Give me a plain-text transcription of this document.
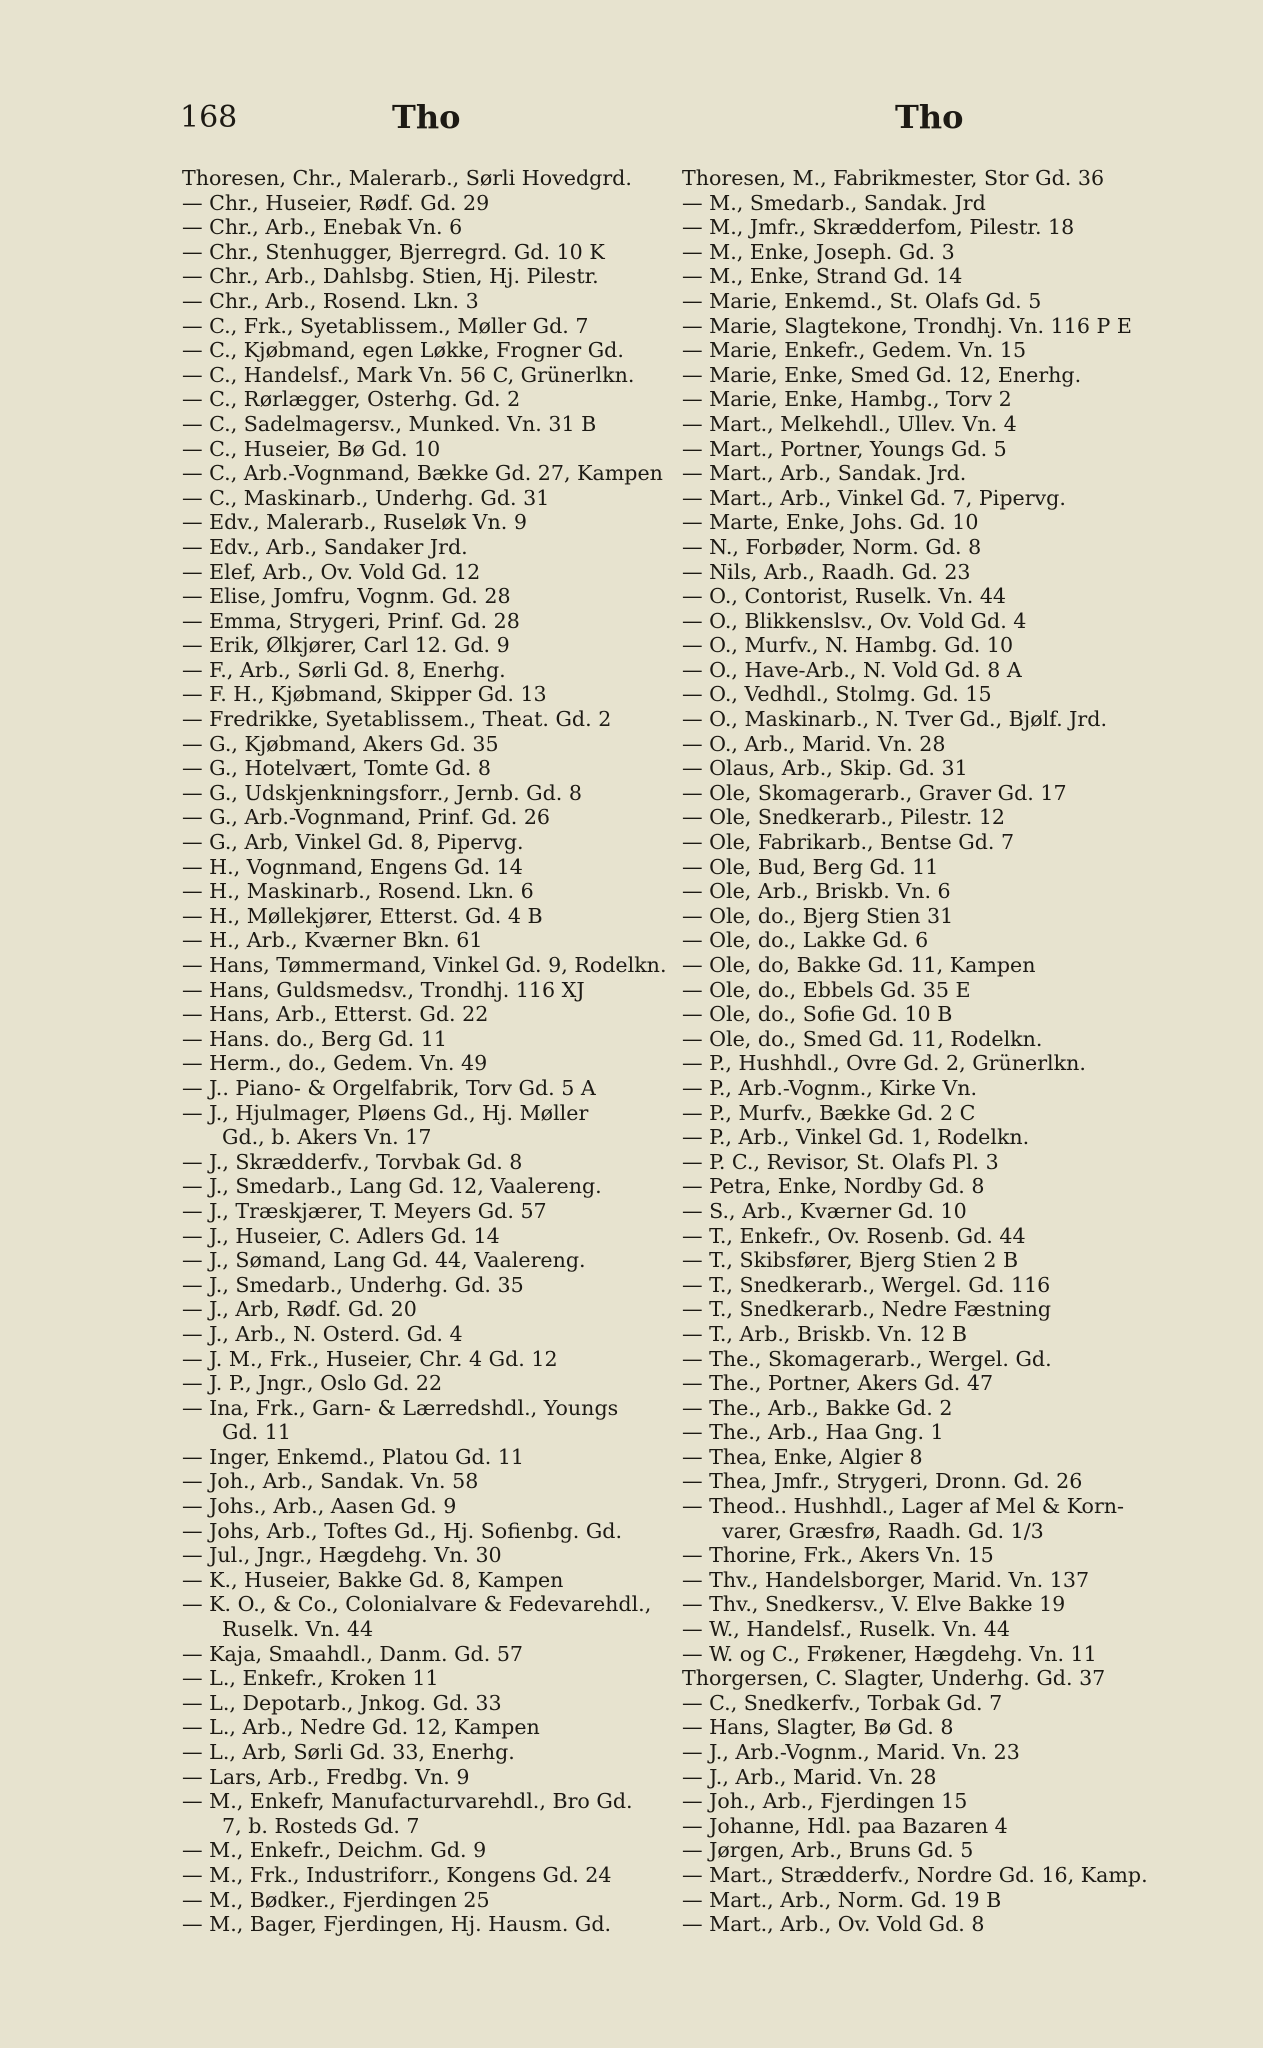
168	Tho	Tho
Thoresen, Chr., Malerarb., Sørli Hovedgrd.
— Chr., Huseier, Rødf. Gd. 29
— Chr., Arb., Enebak Vn. 6
— Chr., Stenhugger, Bjerregrd. Gd. 10 K
— Chr., Arb., Dahlsbg. Stien, Hj. Pilestr.
— Chr., Arb., Rosend. Lkn. 3
— C., Frk., Syetablissem., Møller Gd. 7
— C., Kjøbmand, egen Løkke, Frogner Gd.
— C., Handelsf., Mark Vn. 56 C, Grünerlkn.
— C., Rørlægger, Osterhg. Gd. 2
— C., Sadelmagersv., Munked. Vn. 31 B
— C., Huseier, Bø Gd. 10
— C., Arb.-Vognmand, Bække Gd. 27, Kampen
— C., Maskinarb., Underhg. Gd. 31
— Edv., Malerarb., Ruseløk Vn. 9
— Edv., Arb., Sandaker Jrd.
— Elef, Arb., Ov. Vold Gd. 12
— Elise, Jomfru, Vognm. Gd. 28
— Emma, Strygeri, Prinf. Gd. 28
— Erik, Ølkjører, Carl 12. Gd. 9
— F., Arb., Sørli Gd. 8, Enerhg.
— F. H., Kjøbmand, Skipper Gd. 13
— Fredrikke, Syetablissem., Theat. Gd. 2
— G., Kjøbmand, Akers Gd. 35
— G., Hotelvært, Tomte Gd. 8
— G., Udskjenkningsforr., Jernb. Gd. 8
— G., Arb.-Vognmand, Prinf. Gd. 26
— G., Arb, Vinkel Gd. 8, Pipervg.
— H., Vognmand, Engens Gd. 14
— H., Maskinarb., Rosend. Lkn. 6
— H., Møllekjører, Etterst. Gd. 4 B
— H., Arb., Kværner Bkn. 61
— Hans, Tømmermand, Vinkel Gd. 9, Rodelkn.
— Hans, Guldsmedsv., Trondhj. 116 XJ
— Hans, Arb., Etterst. Gd. 22
— Hans. do., Berg Gd. 11
— Herm., do., Gedem. Vn. 49
— J.. Piano- & Orgelfabrik, Torv Gd. 5 A
— J., Hjulmager, Pløens Gd., Hj. Møller
Gd., b. Akers Vn. 17
— J., Skrædderfv., Torvbak Gd. 8
— J., Smedarb., Lang Gd. 12, Vaalereng.
— J., Træskjærer, T. Meyers Gd. 57
— J., Huseier, C. Adlers Gd. 14
— J., Sømand, Lang Gd. 44, Vaalereng.
— J., Smedarb., Underhg. Gd. 35
— J., Arb, Rødf. Gd. 20
— J., Arb., N. Osterd. Gd. 4
— J. M., Frk., Huseier, Chr. 4 Gd. 12
— J. P., Jngr., Oslo Gd. 22
— Ina, Frk., Garn- & Lærredshdl., Youngs
Gd. 11
— Inger, Enkemd., Platou Gd. 11
— Joh., Arb., Sandak. Vn. 58
— Johs., Arb., Aasen Gd. 9
— Johs, Arb., Toftes Gd., Hj. Sofienbg. Gd.
— Jul., Jngr., Hægdehg. Vn. 30
— K., Huseier, Bakke Gd. 8, Kampen
— K. O., & Co., Colonialvare & Fedevarehdl.,
Ruselk. Vn. 44
— Kaja, Smaahdl., Danm. Gd. 57
— L., Enkefr., Kroken 11
— L., Depotarb., Jnkog. Gd. 33
— L., Arb., Nedre Gd. 12, Kampen
— L., Arb, Sørli Gd. 33, Enerhg.
— Lars, Arb., Fredbg. Vn. 9
— M., Enkefr, Manufacturvarehdl., Bro Gd.
7, b. Rosteds Gd. 7
— M., Enkefr., Deichm. Gd. 9
— M., Frk., Industriforr., Kongens Gd. 24
— M., Bødker., Fjerdingen 25
— M., Bager, Fjerdingen, Hj. Hausm. Gd.
Thoresen, M., Fabrikmester, Stor Gd. 36
— M., Smedarb., Sandak. Jrd
— M., Jmfr., Skrædderfom, Pilestr. 18
— M., Enke, Joseph. Gd. 3
— M., Enke, Strand Gd. 14
— Marie, Enkemd., St. Olafs Gd. 5
— Marie, Slagtekone, Trondhj. Vn. 116 P E
— Marie, Enkefr., Gedem. Vn. 15
— Marie, Enke, Smed Gd. 12, Enerhg.
— Marie, Enke, Hambg., Torv 2
— Mart., Melkehdl., Ullev. Vn. 4
— Mart., Portner, Youngs Gd. 5
— Mart., Arb., Sandak. Jrd.
— Mart., Arb., Vinkel Gd. 7, Pipervg.
— Marte, Enke, Johs. Gd. 10
— N., Forbøder, Norm. Gd. 8
— Nils, Arb., Raadh. Gd. 23
— O., Contorist, Ruselk. Vn. 44
— O., Blikkenslsv., Ov. Vold Gd. 4
— O., Murfv., N. Hambg. Gd. 10
— O., Have-Arb., N. Vold Gd. 8 A
— O., Vedhdl., Stolmg. Gd. 15
— O., Maskinarb., N. Tver Gd., Bjølf. Jrd.
— O., Arb., Marid. Vn. 28
— Olaus, Arb., Skip. Gd. 31
— Ole, Skomagerarb., Graver Gd. 17
— Ole, Snedkerarb., Pilestr. 12
— Ole, Fabrikarb., Bentse Gd. 7
— Ole, Bud, Berg Gd. 11
— Ole, Arb., Briskb. Vn. 6
— Ole, do., Bjerg Stien 31
— Ole, do., Lakke Gd. 6
— Ole, do, Bakke Gd. 11, Kampen
— Ole, do., Ebbels Gd. 35 E
— Ole, do., Sofie Gd. 10 B
— Ole, do., Smed Gd. 11, Rodelkn.
— P., Hushhdl., Ovre Gd. 2, Grünerlkn.
— P., Arb.-Vognm., Kirke Vn.
— P., Murfv., Bække Gd. 2 C
— P., Arb., Vinkel Gd. 1, Rodelkn.
— P. C., Revisor, St. Olafs Pl. 3
— Petra, Enke, Nordby Gd. 8
— S., Arb., Kværner Gd. 10
— T., Enkefr., Ov. Rosenb. Gd. 44
— T., Skibsfører, Bjerg Stien 2 B
— T., Snedkerarb., Wergel. Gd. 116
— T., Snedkerarb., Nedre Fæstning
— T., Arb., Briskb. Vn. 12 B
— The., Skomagerarb., Wergel. Gd.
— The., Portner, Akers Gd. 47
— The., Arb., Bakke Gd. 2
— The., Arb., Haa Gng. 1
— Thea, Enke, Algier 8
— Thea, Jmfr., Strygeri, Dronn. Gd. 26
— Theod.. Hushhdl., Lager af Mel & Korn-
varer, Græsfrø, Raadh. Gd. 1/3
— Thorine, Frk., Akers Vn. 15
— Thv., Handelsborger, Marid. Vn. 137
— Thv., Snedkersv., V. Elve Bakke 19
— W., Handelsf., Ruselk. Vn. 44
— W. og C., Frøkener, Hægdehg. Vn. 11
Thorgersen, C. Slagter, Underhg. Gd. 37
— C., Snedkerfv., Torbak Gd. 7
— Hans, Slagter, Bø Gd. 8
— J., Arb.-Vognm., Marid. Vn. 23
— J., Arb., Marid. Vn. 28
— Joh., Arb., Fjerdingen 15
— Johanne, Hdl. paa Bazaren 4
— Jørgen, Arb., Bruns Gd. 5
— Mart., Strædderfv., Nordre Gd. 16, Kamp.
— Mart., Arb., Norm. Gd. 19 B
— Mart., Arb., Ov. Vold Gd. 8
